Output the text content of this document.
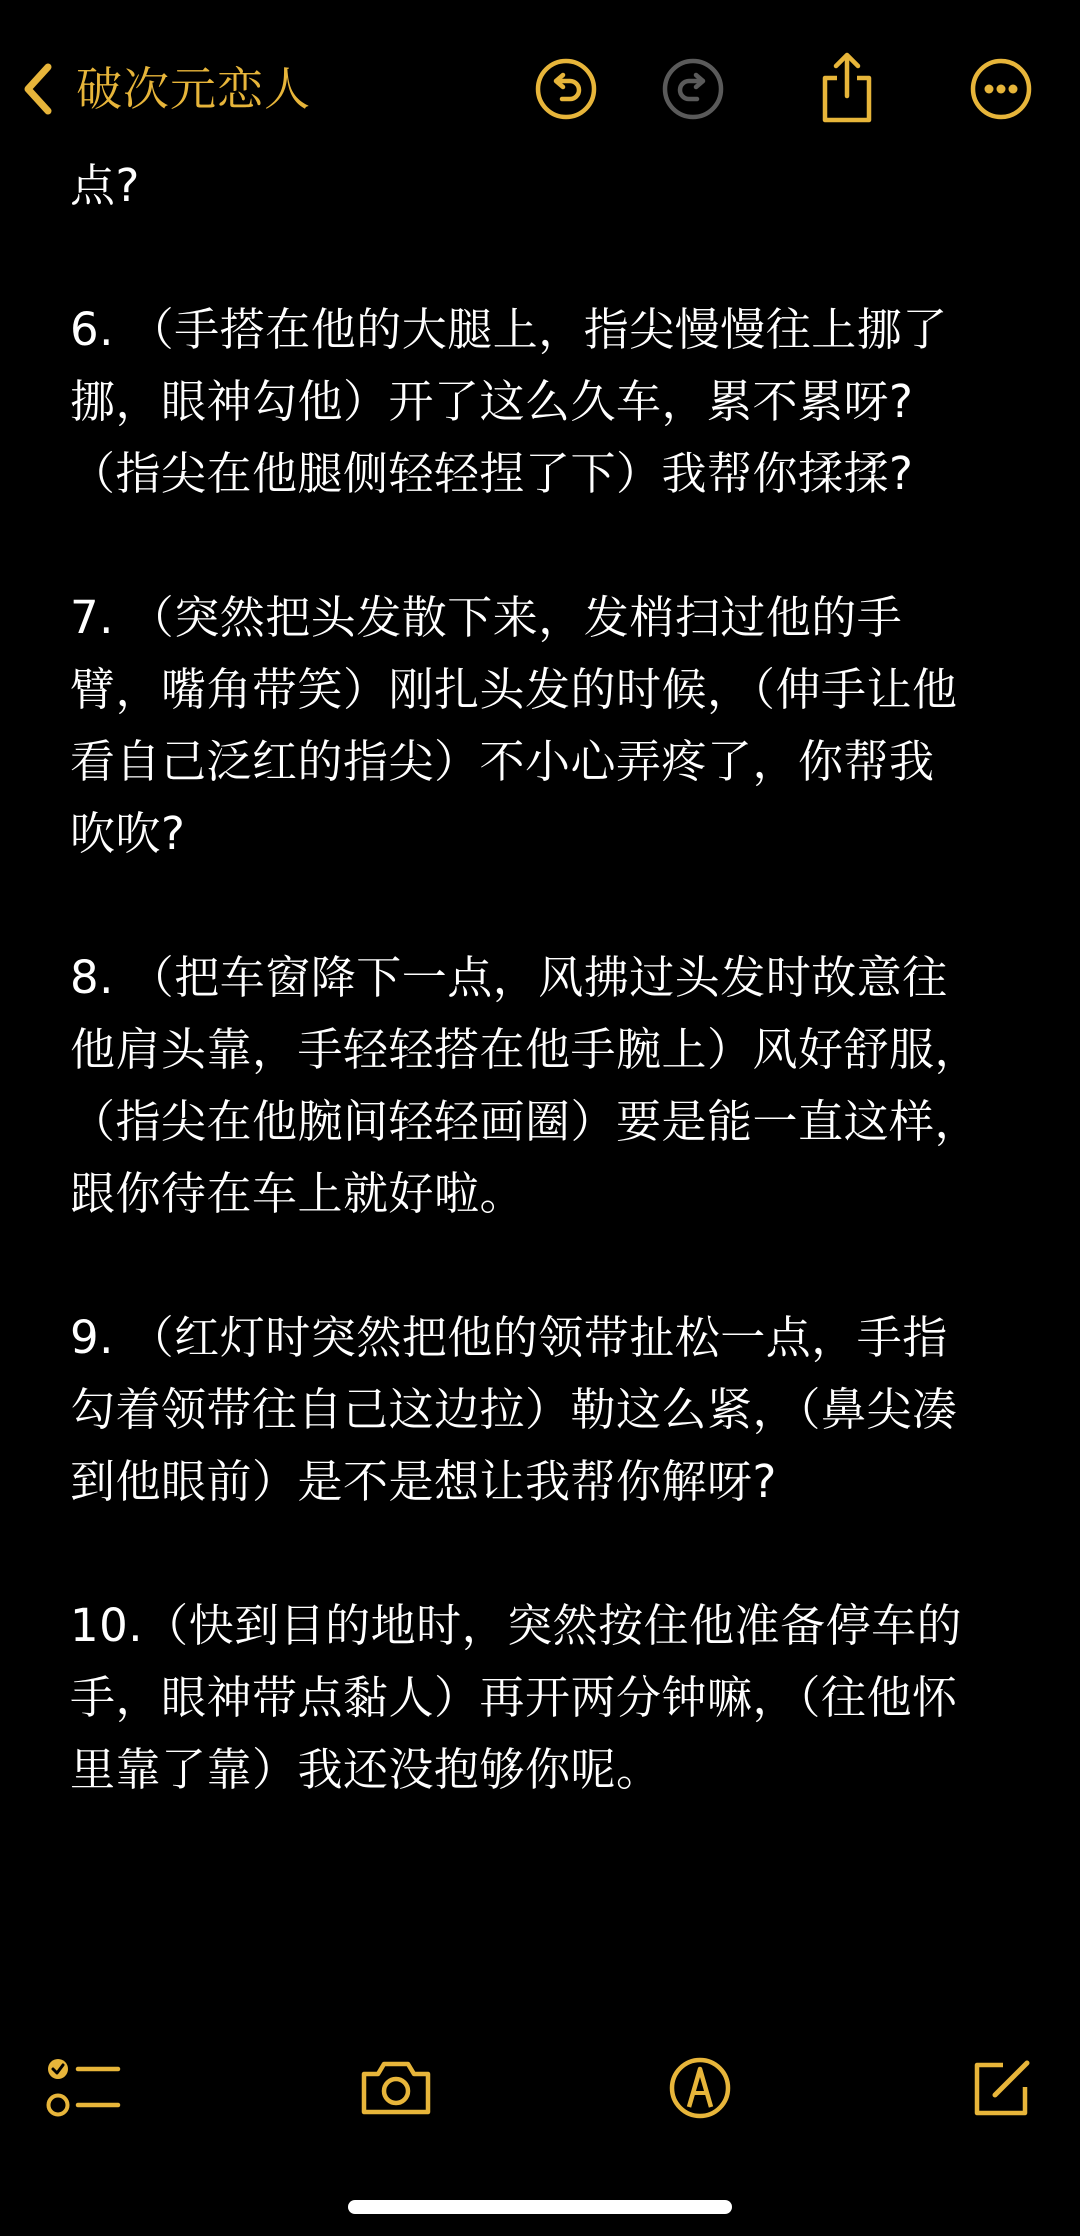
破次元恋人
点?
6. （手搭在他的大腿上，指尖慢慢往上挪了
挪，眼神勾他）开了这么久车，累不累呀?
（指尖在他腿侧轻轻捏了下）我帮你揉揉?
7. （突然把头发散下来，发梢扫过他的手
臂，嘴角带笑）刚扎头发的时候，（伸手让他
看自己泛红的指尖）不小心弄疼了，你帮我
吹吹?
8. （把车窗降下一点，风拂过头发时故意往
他肩头靠，手轻轻搭在他手腕上）风好舒服，
（指尖在他腕间轻轻画圈）要是能一直这样，
跟你待在车上就好啦。
9. （红灯时突然把他的领带扯松一点，手指
勾着领带往自己这边拉）勒这么紧，（鼻尖凑
到他眼前）是不是想让我帮你解呀?
10.（快到目的地时，突然按住他准备停车的
手，眼神带点黏人）再开两分钟嘛，（往他怀
里靠了靠）我还没抱够你呢。
